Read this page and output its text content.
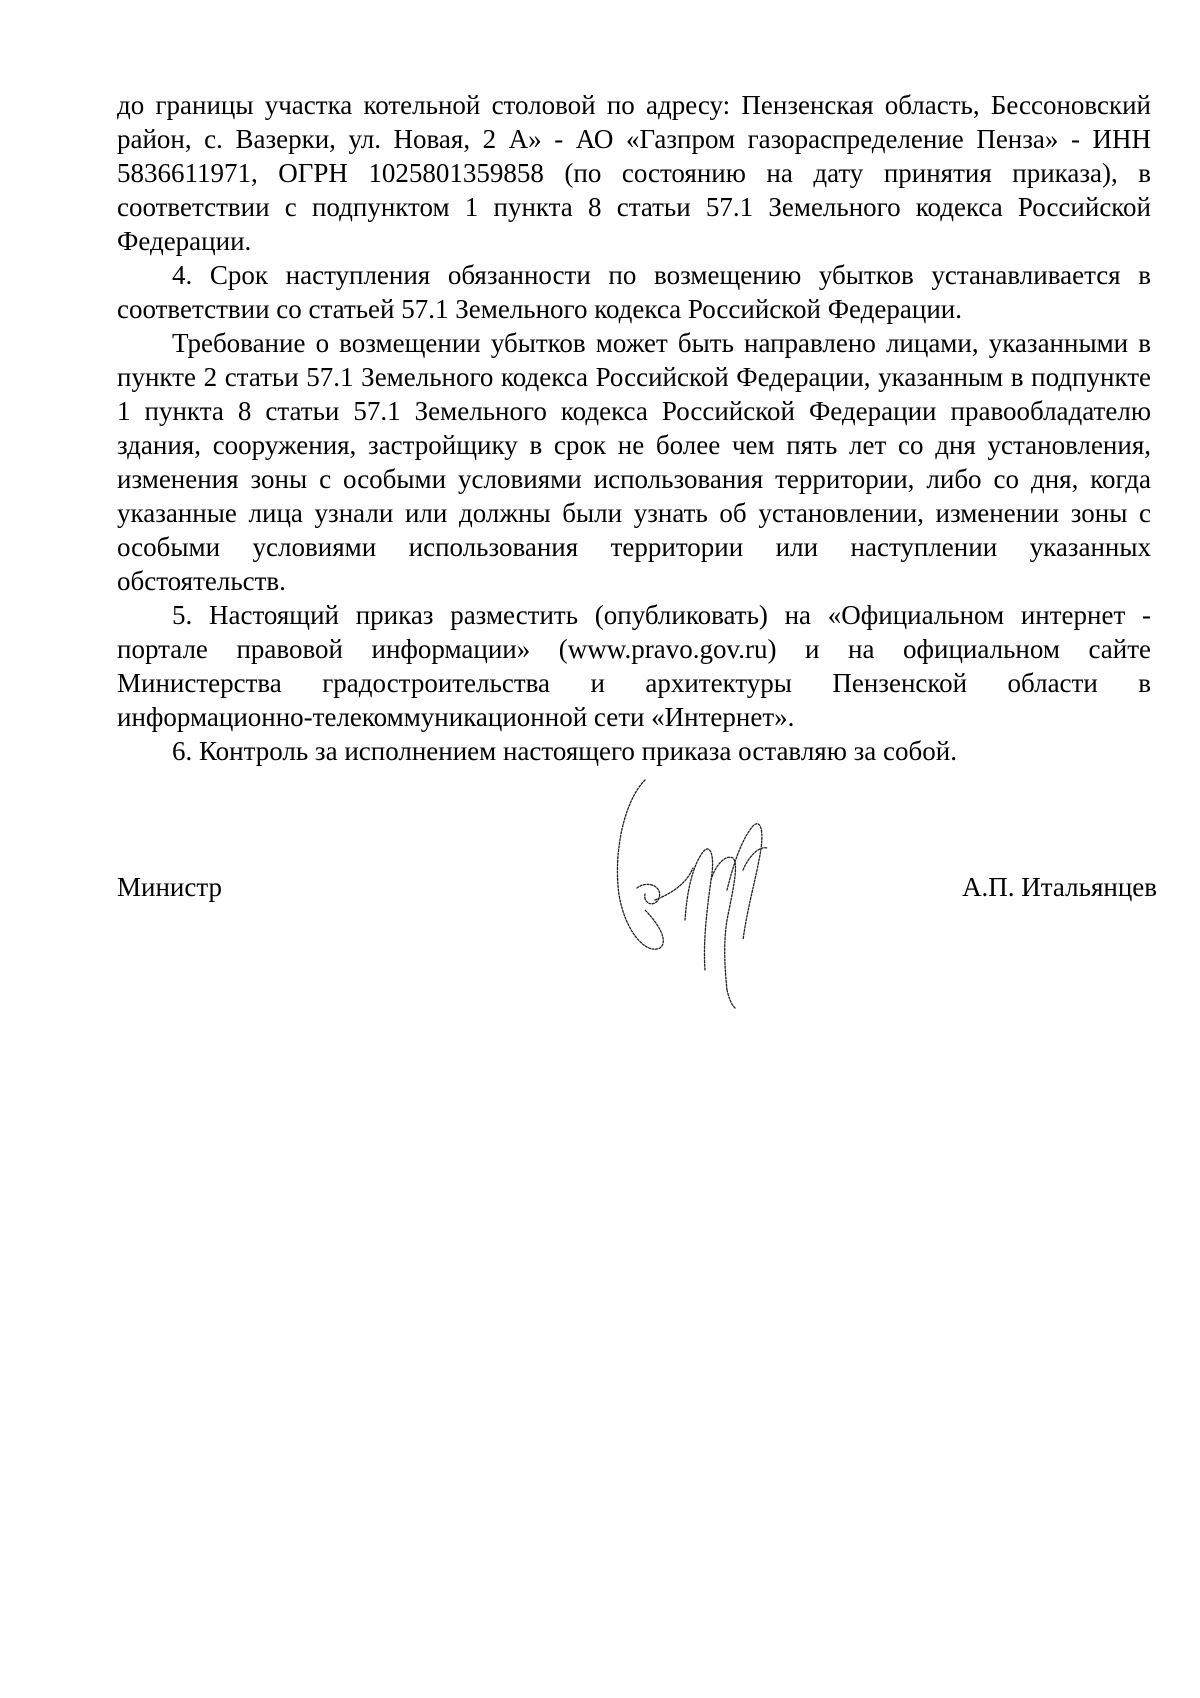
до границы участка котельной столовой по адресу: Пензенская область, Бессоновский район, с. Вазерки, ул. Новая, 2 А» - АО «Газпром газораспределение Пенза» - ИНН 5836611971, ОГРН 1025801359858 (по состоянию на дату принятия приказа), в соответствии с подпунктом 1 пункта 8 статьи 57.1 Земельного кодекса Российской Федерации.

4. Срок наступления обязанности по возмещению убытков устанавливается в соответствии со статьей 57.1 Земельного кодекса Российской Федерации.

Требование о возмещении убытков может быть направлено лицами, указанными в пункте 2 статьи 57.1 Земельного кодекса Российской Федерации, указанным в подпункте 1 пункта 8 статьи 57.1 Земельного кодекса Российской Федерации правообладателю здания, сооружения, застройщику в срок не более чем пять лет со дня установления, изменения зоны с особыми условиями использования территории, либо со дня, когда указанные лица узнали или должны были узнать об установлении, изменении зоны с особыми условиями использования территории или наступлении указанных обстоятельств.

5. Настоящий приказ разместить (опубликовать) на «Официальном интернет - портале правовой информации» (www.pravo.gov.ru) и на официальном сайте Министерства градостроительства и архитектуры Пензенской области в информационно-телекоммуникационной сети «Интернет».

6. Контроль за исполнением настоящего приказа оставляю за собой.

Министр	А.П. Итальянцев
